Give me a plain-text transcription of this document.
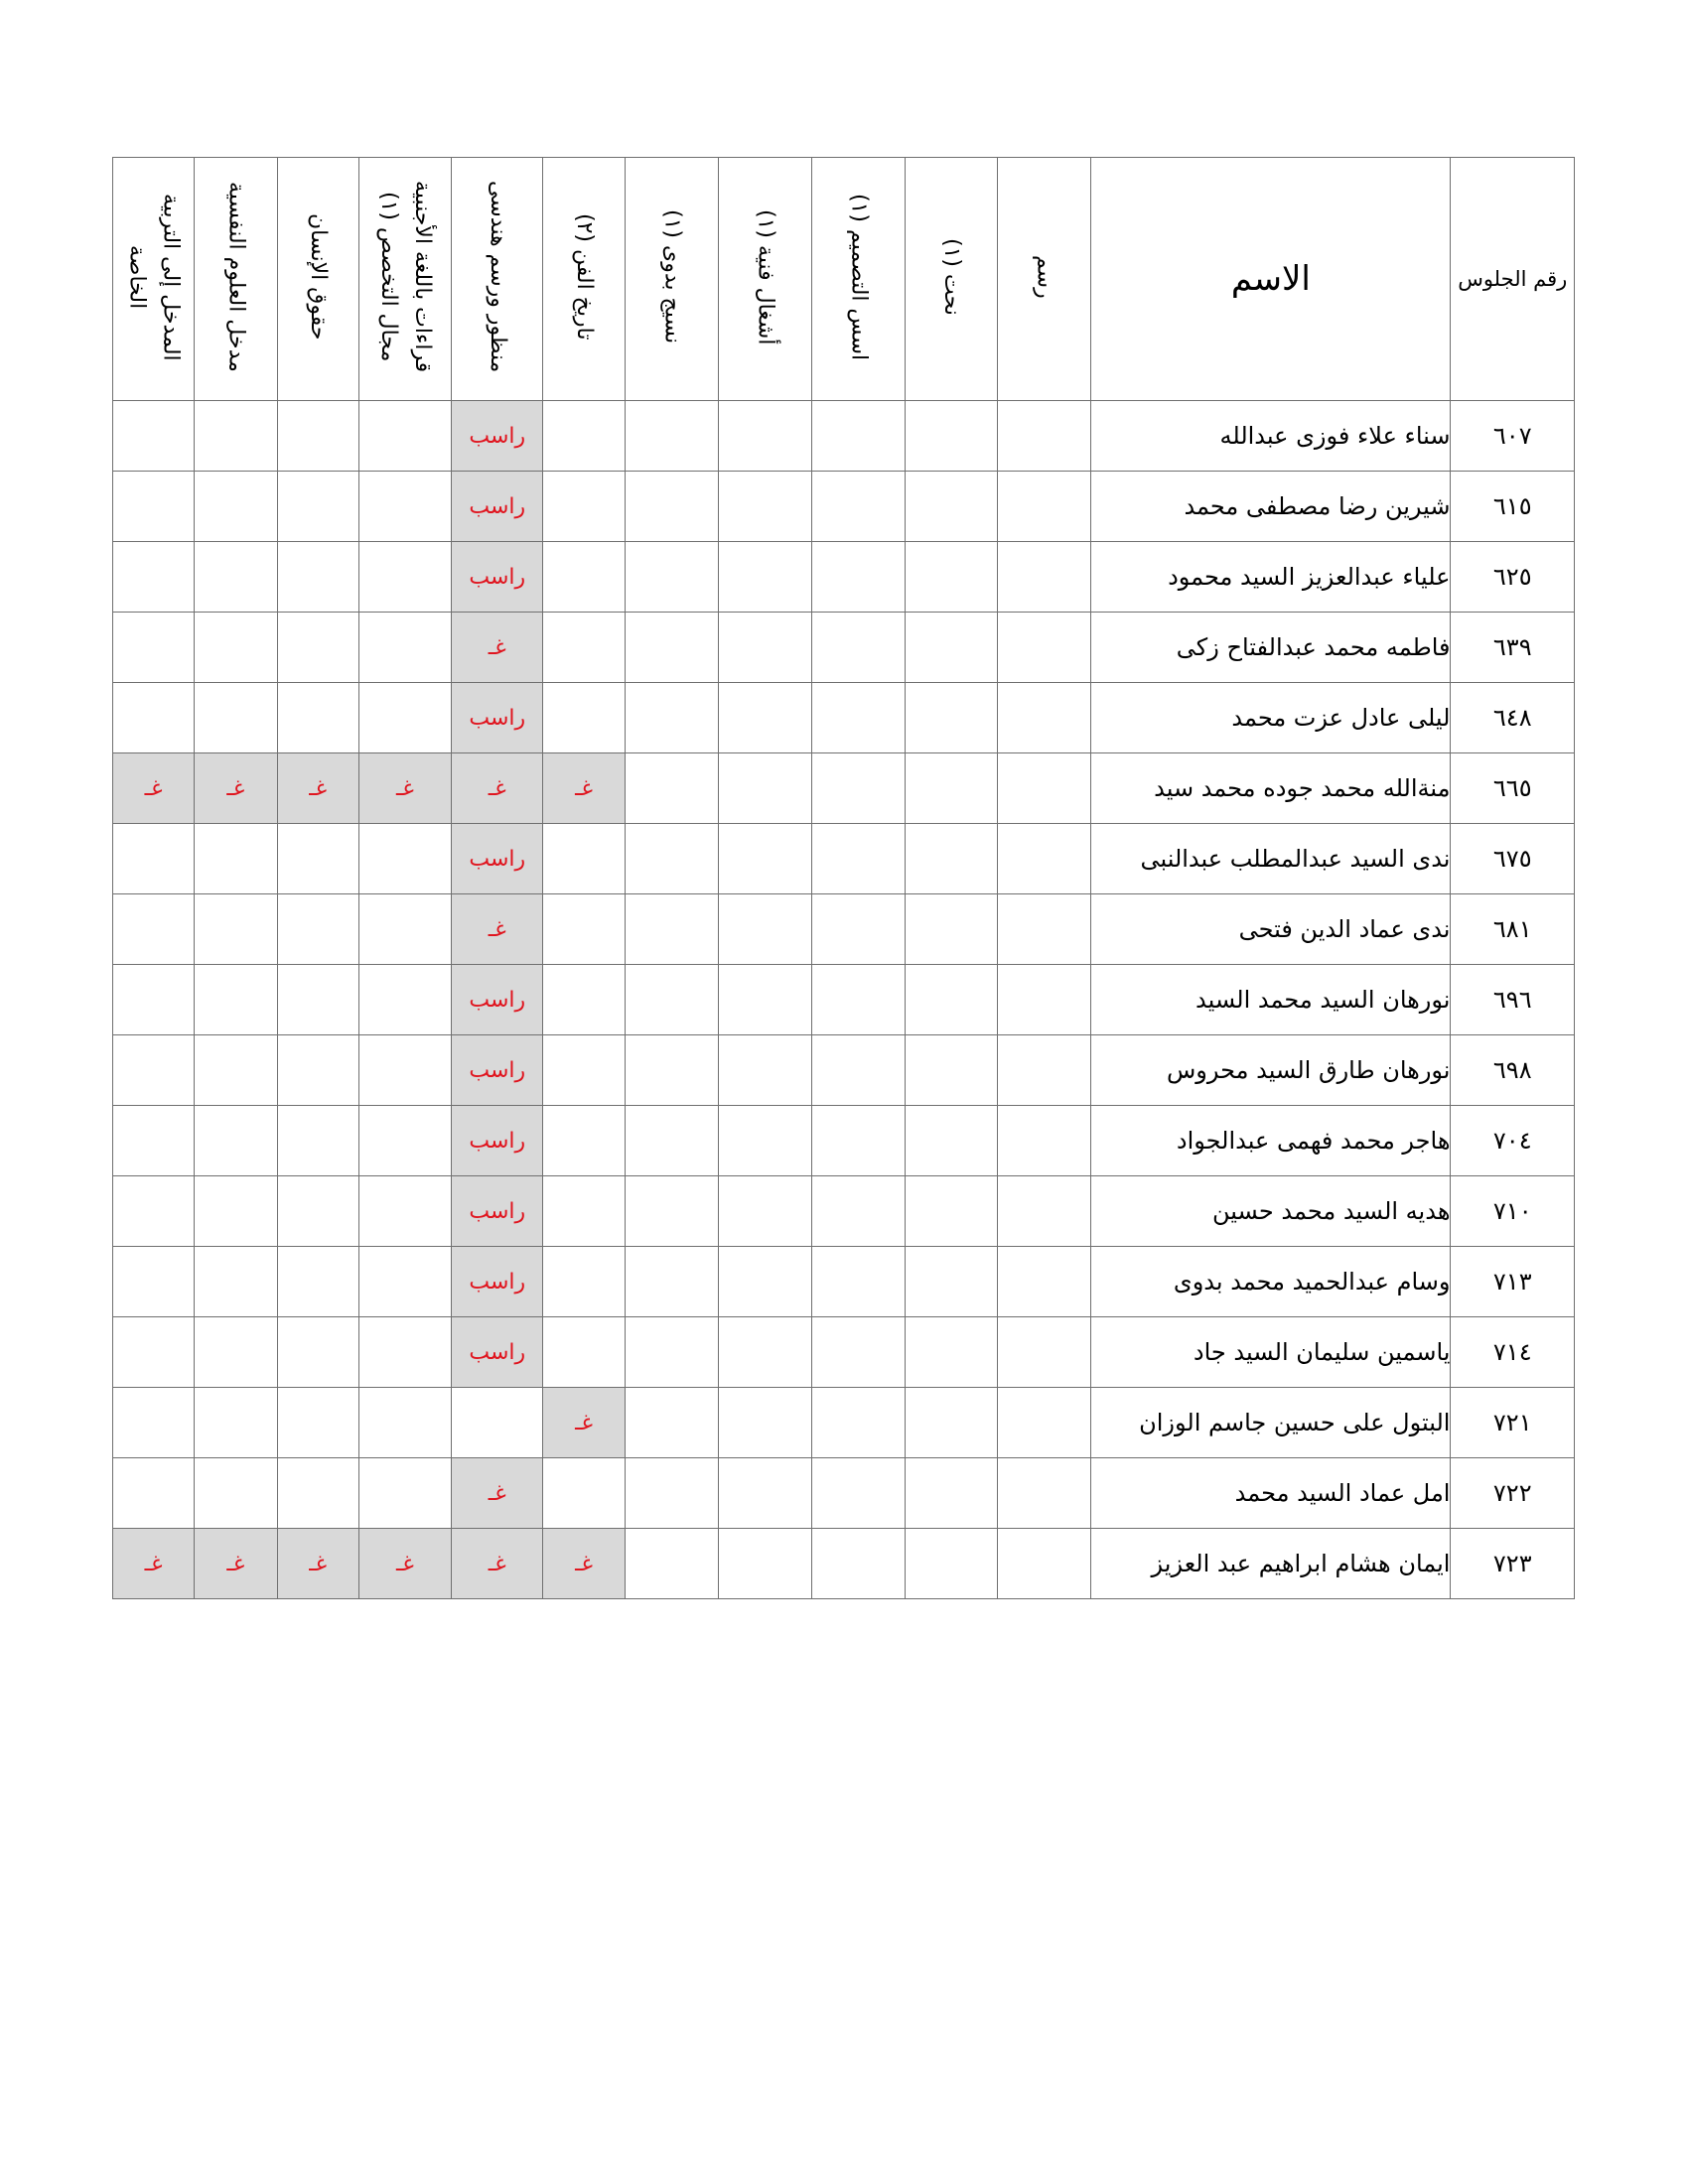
المدخل إلى التربية الخاصة	مدخل العلوم النفسية	حقوق الإنسان	قراءات باللغة الأجنبية مجال التخصص (١)	منظور ورسم هندسى	تاريخ الفن (٢)	نسيج بدوى (١)	أشغال فنية (١)	اسس التصميم (١)	نحت (١)	رسم	الاسم	رقم الجلوس
				راسب							سناء علاء فوزى عبدالله	٦٠٧
				راسب							شيرين رضا مصطفى محمد	٦١٥
				راسب							علياء عبدالعزيز السيد محمود	٦٢٥
				غـ							فاطمه محمد عبدالفتاح زكى	٦٣٩
				راسب							ليلى عادل عزت محمد	٦٤٨
غـ	غـ	غـ	غـ	غـ	غـ						منةالله محمد جوده محمد سيد	٦٦٥
				راسب							ندى السيد عبدالمطلب عبدالنبى	٦٧٥
				غـ							ندى عماد الدين فتحى	٦٨١
				راسب							نورهان السيد محمد السيد	٦٩٦
				راسب							نورهان طارق السيد محروس	٦٩٨
				راسب							هاجر محمد فهمى عبدالجواد	٧٠٤
				راسب							هديه السيد محمد حسين	٧١٠
				راسب							وسام عبدالحميد محمد بدوى	٧١٣
				راسب							ياسمين سليمان السيد جاد	٧١٤
					غـ						البتول على حسين جاسم الوزان	٧٢١
				غـ							امل عماد السيد محمد	٧٢٢
غـ	غـ	غـ	غـ	غـ	غـ						ايمان هشام ابراهيم عبد العزيز	٧٢٣
